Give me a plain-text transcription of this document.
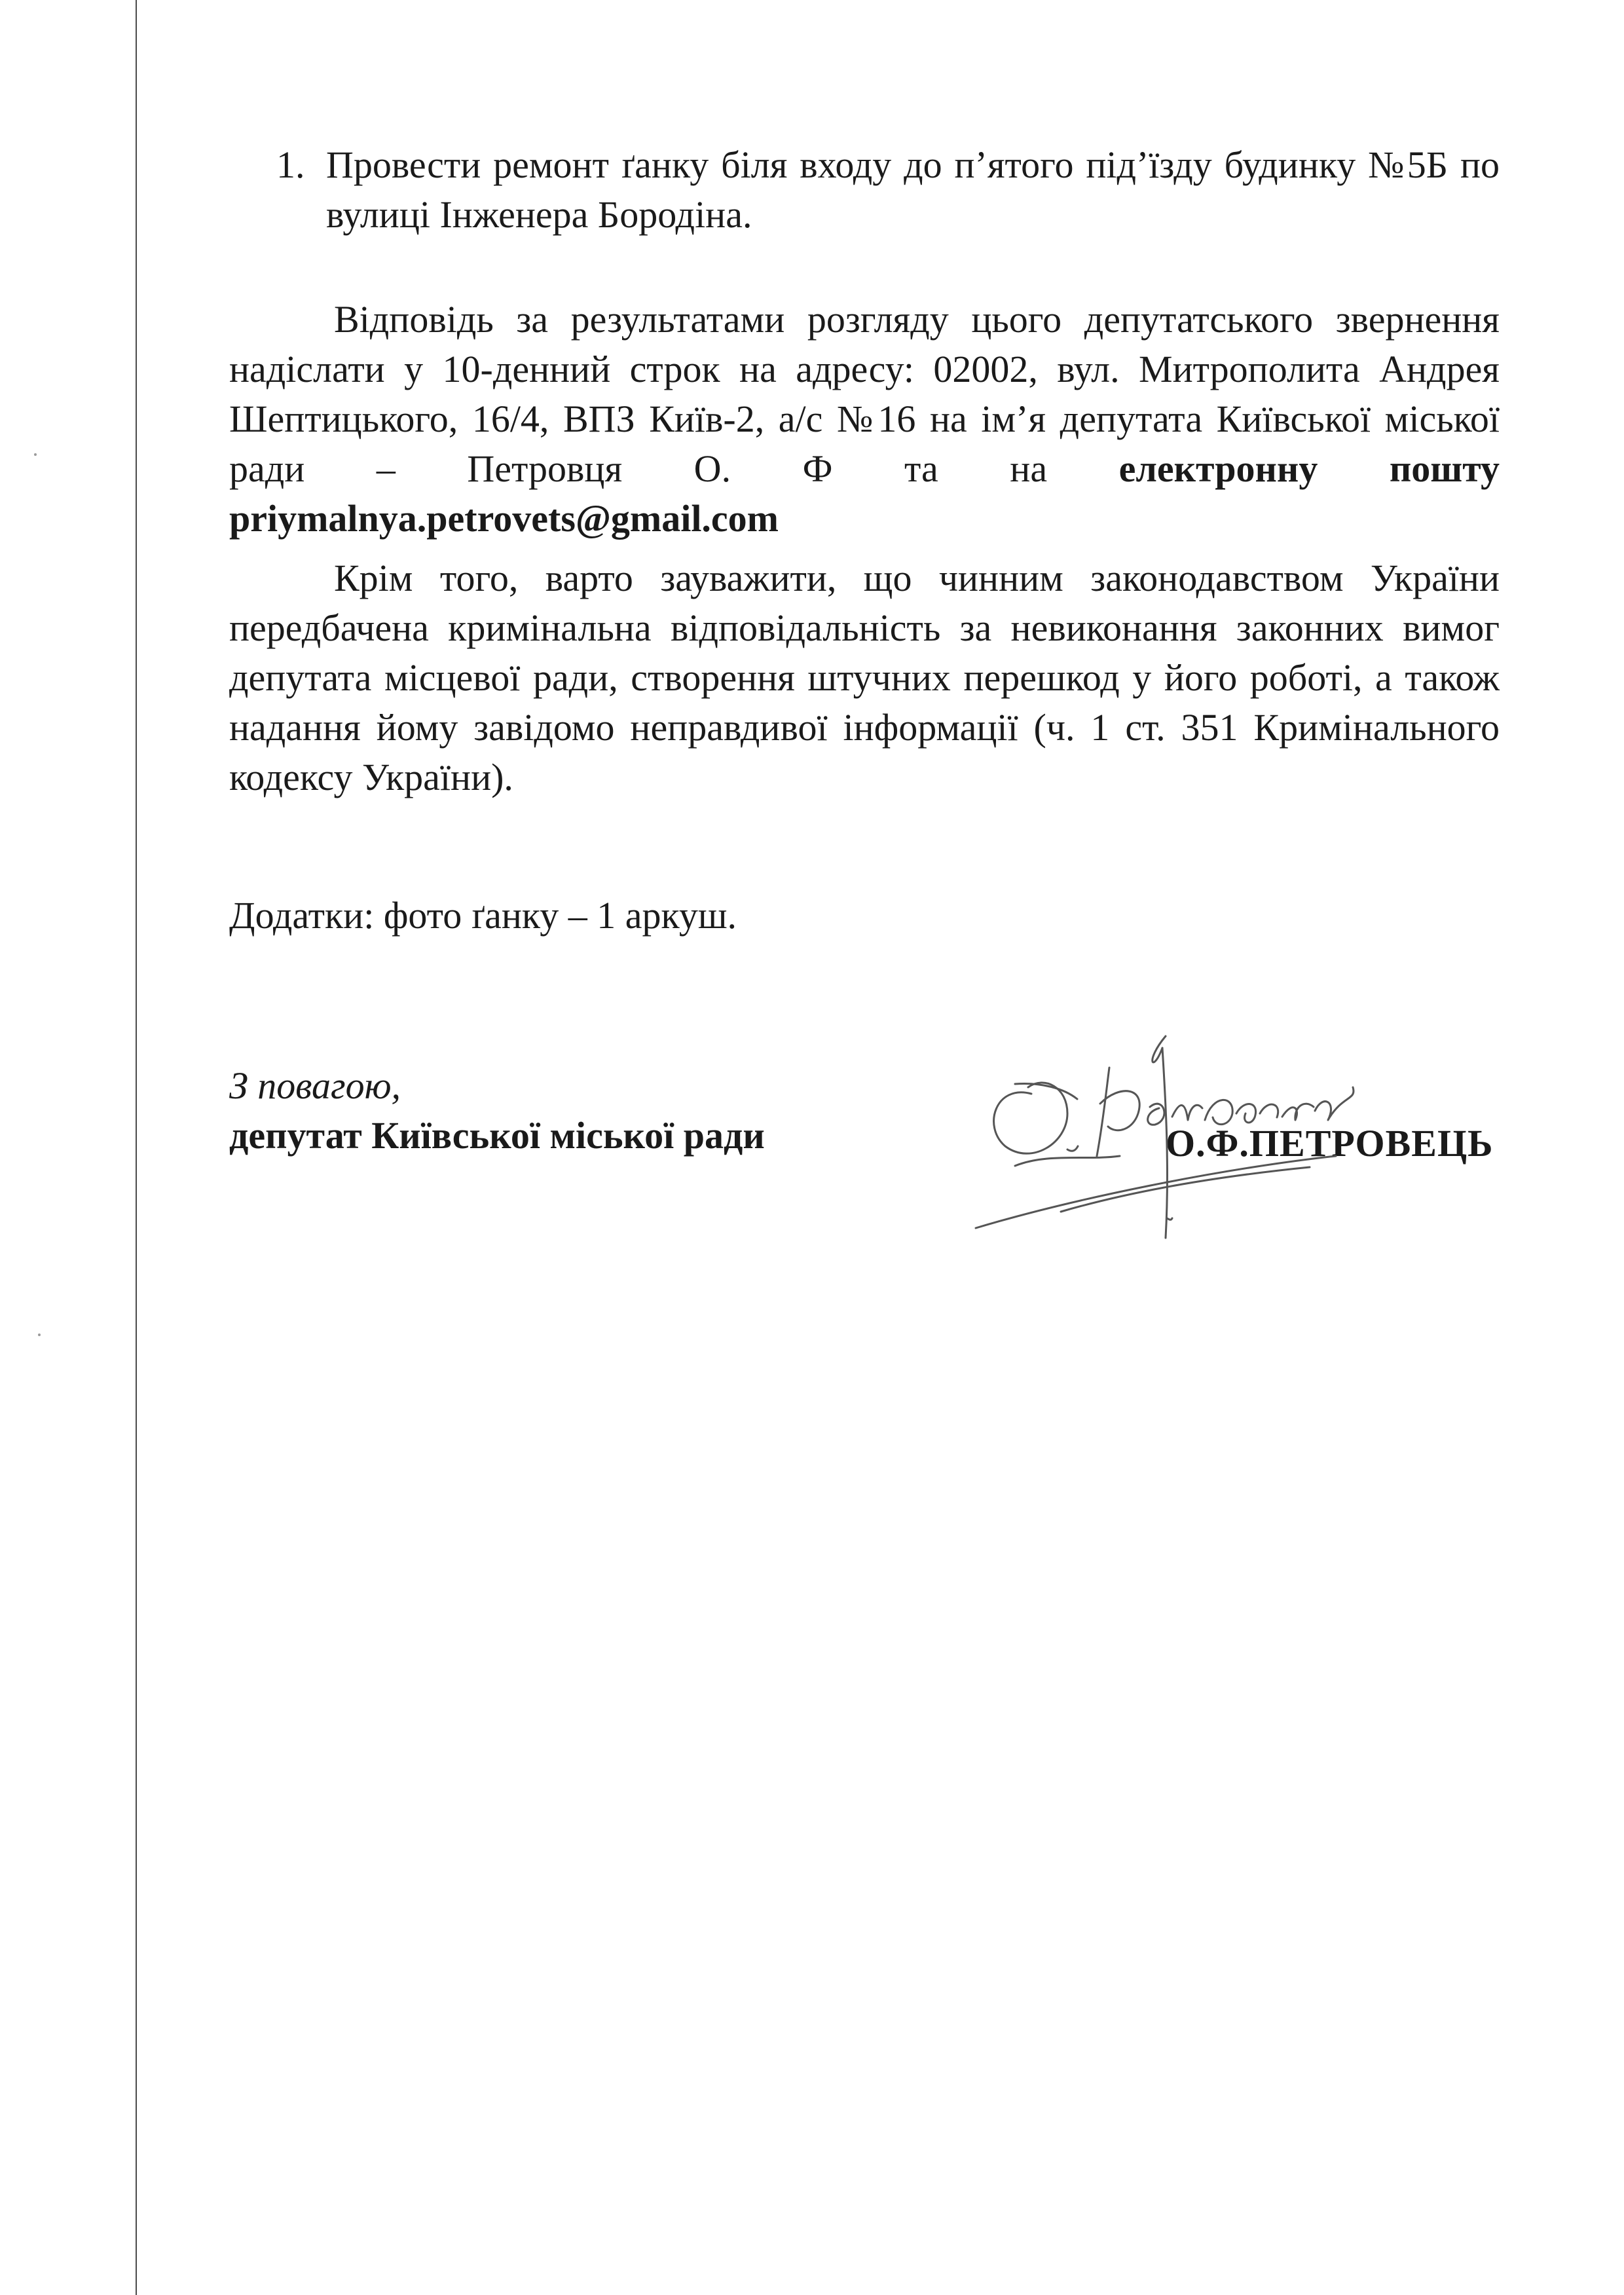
1. Провести ремонт ґанку біля входу до п’ятого під’їзду будинку №5Б по вулиці Інженера Бородіна.
Відповідь за результатами розгляду цього депутатського звернення надіслати у 10-денний строк на адресу: 02002, вул. Митрополита Андрея Шептицького, 16/4, ВПЗ Київ-2, а/с №16 на ім’я депутата Київської міської ради – Петровця О. Ф та на електронну пошту priymalnya.petrovets@gmail.com
Крім того, варто зауважити, що чинним законодавством України передбачена кримінальна відповідальність за невиконання законних вимог депутата місцевої ради, створення штучних перешкод у його роботі, а також надання йому завідомо неправдивої інформації (ч. 1 ст. 351 Кримінального кодексу України).
Додатки: фото ґанку – 1 аркуш.
З повагою,
депутат Київської міської ради	О.Ф.ПЕТРОВЕЦЬ
